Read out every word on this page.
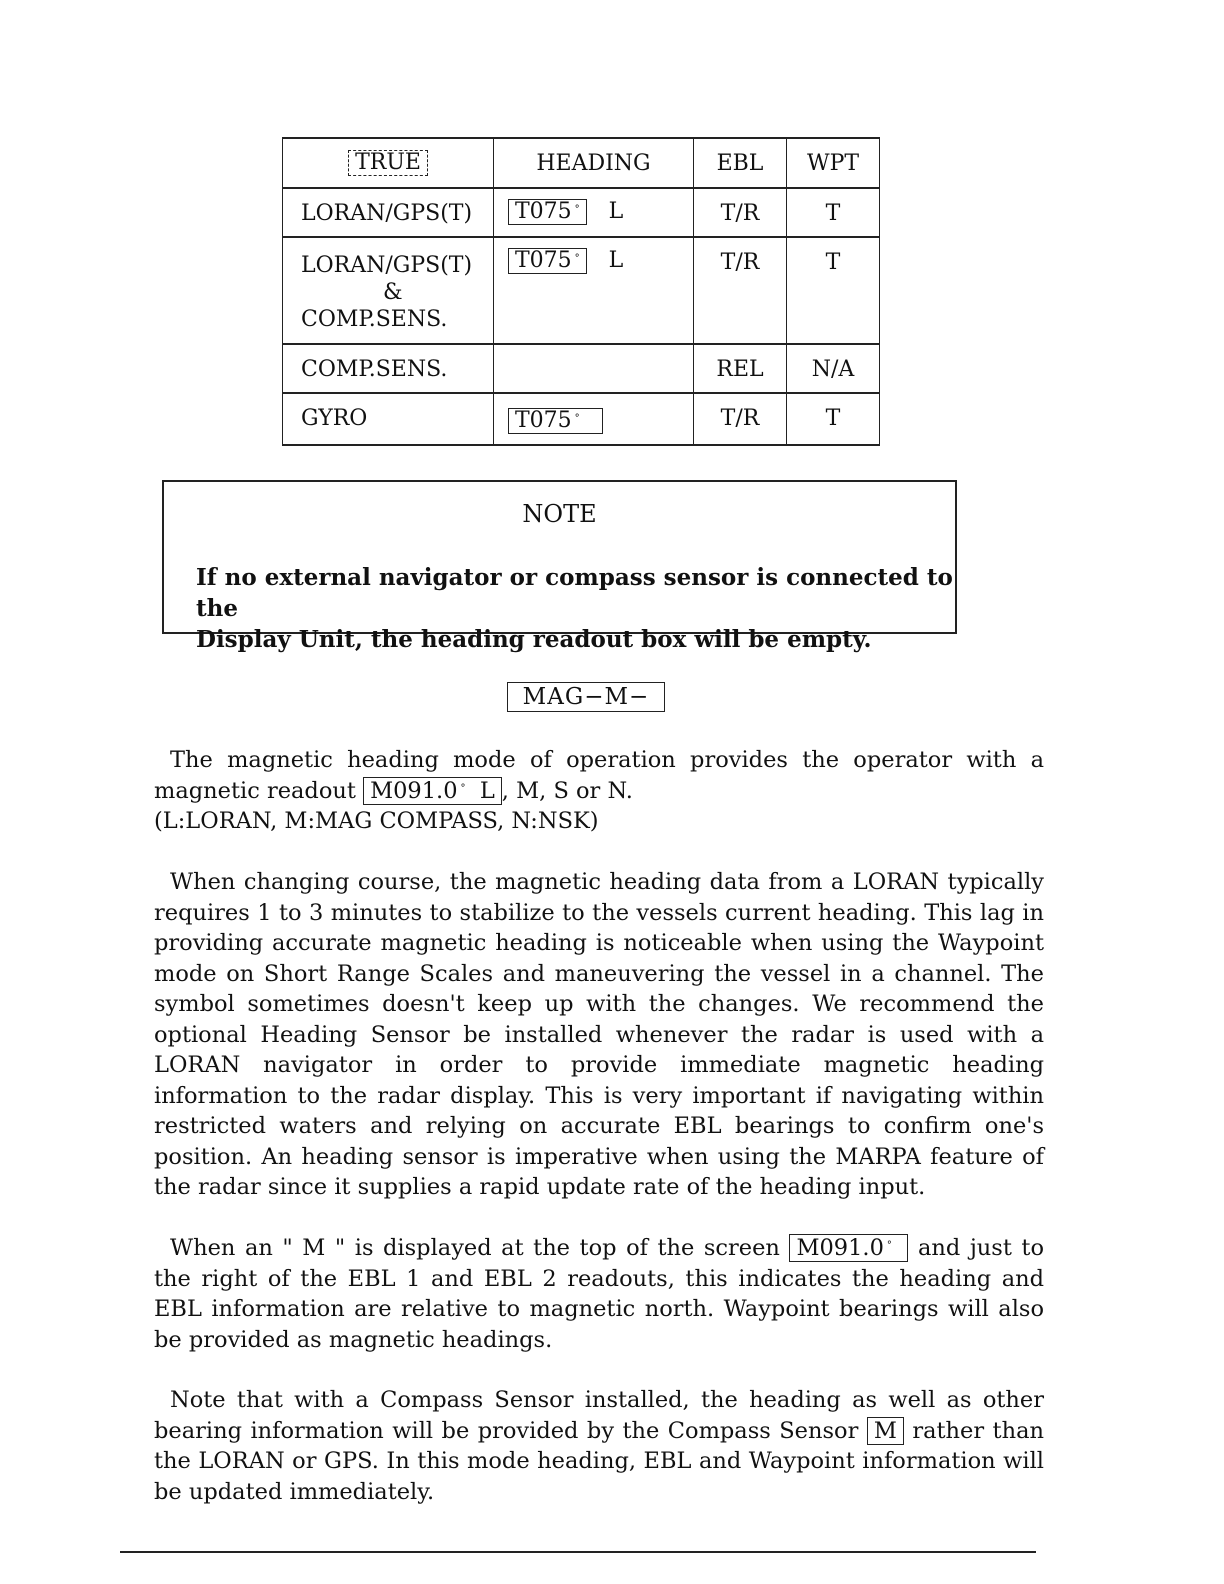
TRUE	HEADING	EBL	WPT
LORAN/GPS(T)	T075 ° L	T/R	T

LORAN/GPS(T)
&
COMP.SENS.	T075 ° L	T/R	T
COMP.SENS.		REL	N/A
GYRO	T075 °	T/R	T
NOTE
If no external navigator or compass sensor is connected to the
Display Unit, the heading readout box will be empty.
MAG−M−
The magnetic heading mode of operation provides the operator with a magnetic readout M091.0 ° L , M, S or N.
(L:LORAN, M:MAG COMPASS, N:NSK)
When changing course, the magnetic heading data from a LORAN typically requires 1 to 3 minutes to stabilize to the vessels current heading. This lag in providing accurate magnetic heading is noticeable when using the Waypoint mode on Short Range Scales and maneuvering the vessel in a channel. The symbol sometimes doesn't keep up with the changes. We recommend the optional Heading Sensor be installed whenever the radar is used with a LORAN navigator in order to provide immediate magnetic heading information to the radar display. This is very important if navigating within restricted waters and relying on accurate EBL bearings to confirm one's position. An heading sensor is imperative when using the MARPA feature of the radar since it supplies a rapid update rate of the heading input.
When an " M " is displayed at the top of the screen M091.0 °  and just to the right of the EBL 1 and EBL 2 readouts, this indicates the heading and EBL information are relative to magnetic north. Waypoint bearings will also be provided as magnetic headings.
Note that with a Compass Sensor installed, the heading as well as other bearing information will be provided by the Compass Sensor M rather than the LORAN or GPS. In this mode heading, EBL and Waypoint information will be updated immediately.
